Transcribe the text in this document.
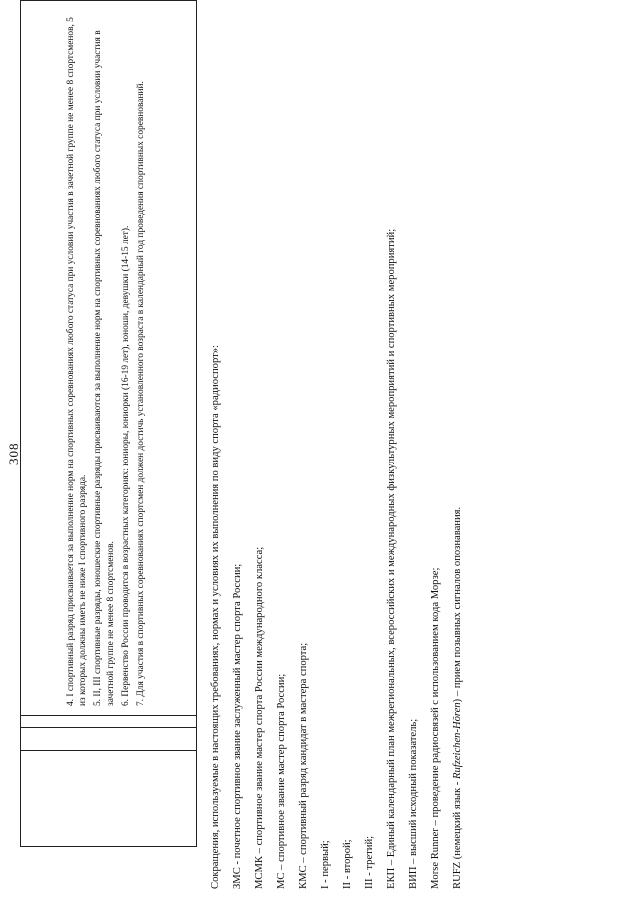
308	4. I спортивный разряд присваивается за выполнение норм на спортивных соревнованиях любого статуса при условии участия в зачетной группе не менее 8 спортсменов, 5 из которых должны иметь не ниже I спортивного разряда. 5. II, III спортивные разряды, юношеские спортивные разряды присваиваются за выполнение норм на спортивных соревнованиях любого статуса при условии участия в зачетной группе не менее 8 спортсменов. 6. Первенство России проводится в возрастных категориях: юниоры, юниорки (16-19 лет), юноши, девушки (14-15 лет). 7. Для участия в спортивных соревнованиях спортсмен должен достичь установленного возраста в календарный год проведения спортивных соревнований.	Сокращения, используемые в настоящих требованиях, нормах и условиях их выполнения по виду спорта «радиоспорт»:	ЗМС - почетное спортивное звание заслуженный мастер спорта России;	МСМК – спортивное звание мастер спорта России международного класса;	МС – спортивное звание мастер спорта России;	КМС – спортивный разряд кандидат в мастера спорта;	I - первый;	II - второй;	III - третий;	ЕКП – Единый календарный план межрегиональных, всероссийских и международных физкультурных мероприятий и спортивных мероприятий;	ВИП – высший исходный показатель;	Morse Runner – проведение радиосвязей с использованием кода Морзе;	RUFZ (немецкий язык - Rufzeichen-Hören) – прием позывных сигналов опознавания.
